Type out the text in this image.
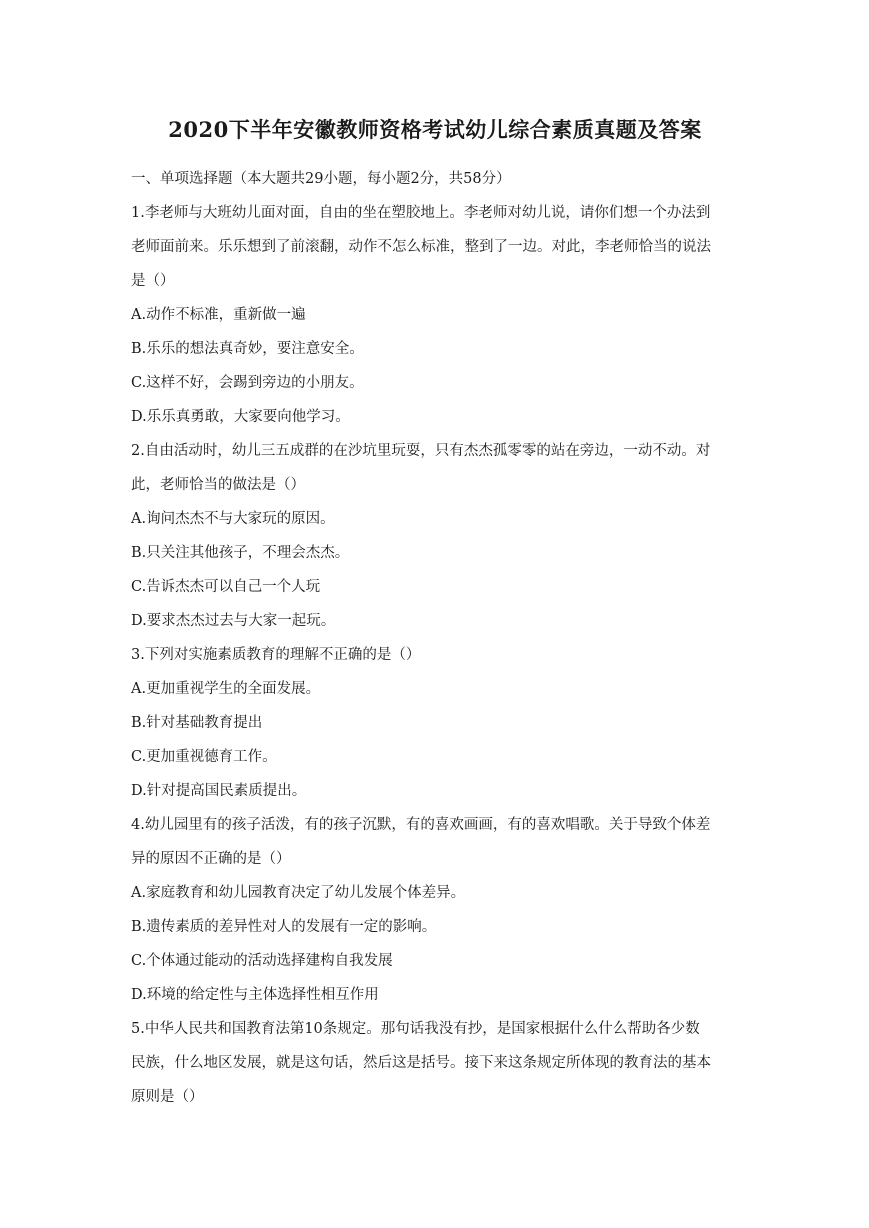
2020下半年安徽教师资格考试幼儿综合素质真题及答案
一、单项选择题（本大题共29小题，每小题2分，共58分）
1.李老师与大班幼儿面对面，自由的坐在塑胶地上。李老师对幼儿说，请你们想一个办法到
老师面前来。乐乐想到了前滚翻，动作不怎么标准，整到了一边。对此，李老师恰当的说法
是（）
A.动作不标准，重新做一遍
B.乐乐的想法真奇妙，要注意安全。
C.这样不好，会踢到旁边的小朋友。
D.乐乐真勇敢，大家要向他学习。
2.自由活动时，幼儿三五成群的在沙坑里玩耍，只有杰杰孤零零的站在旁边，一动不动。对
此，老师恰当的做法是（）
A.询问杰杰不与大家玩的原因。
B.只关注其他孩子，不理会杰杰。
C.告诉杰杰可以自己一个人玩
D.要求杰杰过去与大家一起玩。
3.下列对实施素质教育的理解不正确的是（）
A.更加重视学生的全面发展。
B.针对基础教育提出
C.更加重视德育工作。
D.针对提高国民素质提出。
4.幼儿园里有的孩子活泼，有的孩子沉默，有的喜欢画画，有的喜欢唱歌。关于导致个体差
异的原因不正确的是（）
A.家庭教育和幼儿园教育决定了幼儿发展个体差异。
B.遗传素质的差异性对人的发展有一定的影响。
C.个体通过能动的活动选择建构自我发展
D.环境的给定性与主体选择性相互作用
5.中华人民共和国教育法第10条规定。那句话我没有抄，是国家根据什么什么帮助各少数
民族，什么地区发展，就是这句话，然后这是括号。接下来这条规定所体现的教育法的基本
原则是（）
